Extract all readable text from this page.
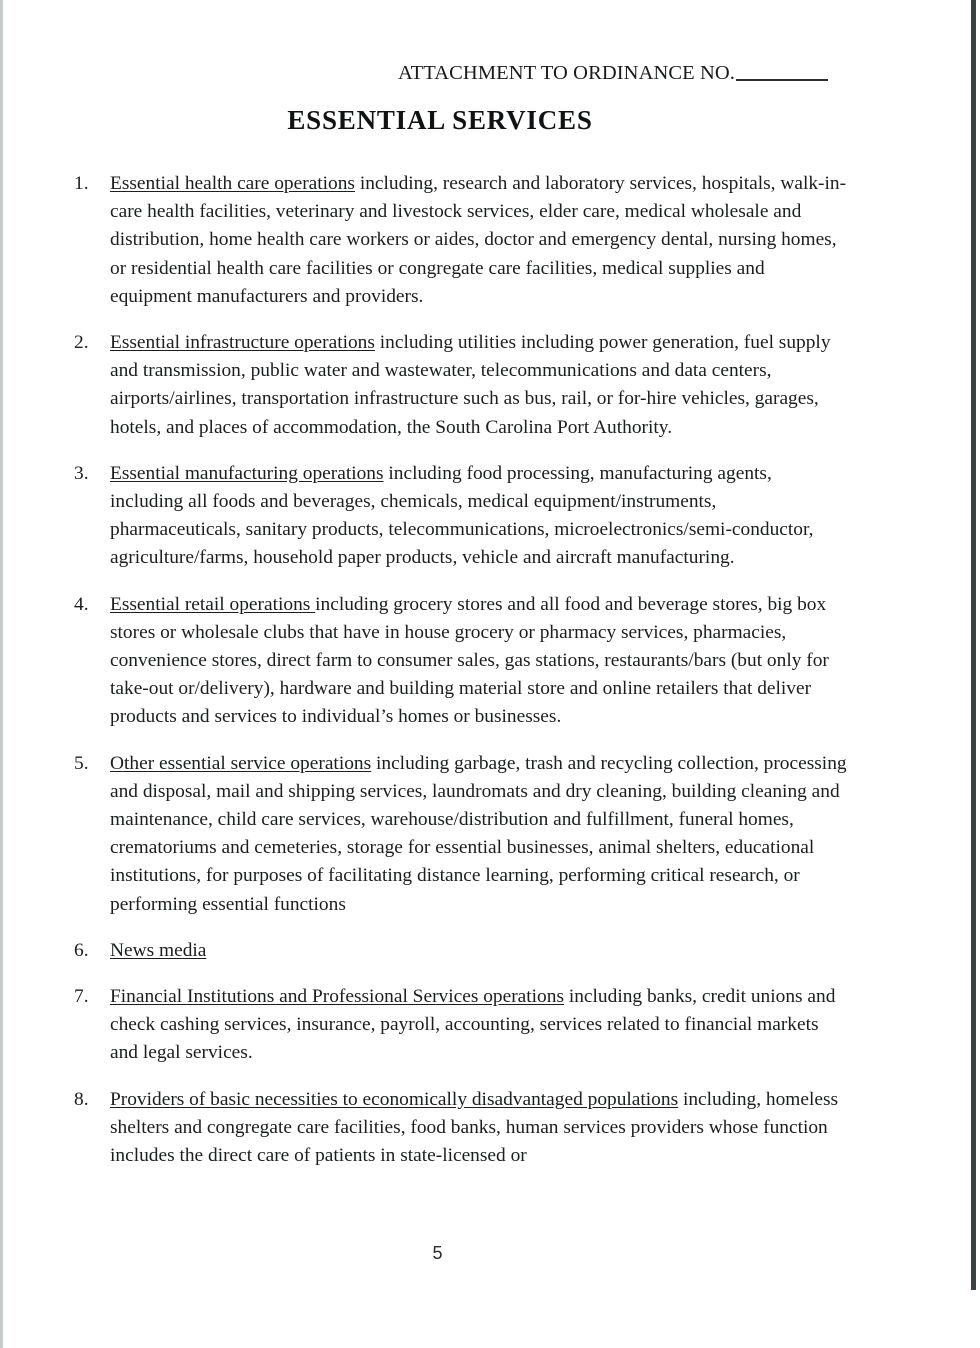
ATTACHMENT TO ORDINANCE NO.
ESSENTIAL SERVICES
1.	Essential health care operations including, research and laboratory services, hospitals, walk-in-care health facilities, veterinary and livestock services, elder care, medical wholesale and distribution, home health care workers or aides, doctor and emergency dental, nursing homes, or residential health care facilities or congregate care facilities, medical supplies and equipment manufacturers and providers.
2.	Essential infrastructure operations including utilities including power generation, fuel supply and transmission, public water and wastewater, telecommunications and data centers, airports/airlines, transportation infrastructure such as bus, rail, or for-hire vehicles, garages, hotels, and places of accommodation, the South Carolina Port Authority.
3.	Essential manufacturing operations including food processing, manufacturing agents, including all foods and beverages, chemicals, medical equipment/instruments, pharmaceuticals, sanitary products, telecommunications, microelectronics/semi-conductor, agriculture/farms, household paper products, vehicle and aircraft manufacturing.
4.	Essential retail operations including grocery stores and all food and beverage stores, big box stores or wholesale clubs that have in house grocery or pharmacy services, pharmacies, convenience stores, direct farm to consumer sales, gas stations, restaurants/bars (but only for take-out or/delivery), hardware and building material store and online retailers that deliver products and services to individual’s homes or businesses.
5.	Other essential service operations including garbage, trash and recycling collection, processing and disposal, mail and shipping services, laundromats and dry cleaning, building cleaning and maintenance, child care services, warehouse/distribution and fulfillment, funeral homes, crematoriums and cemeteries, storage for essential businesses, animal shelters, educational institutions, for purposes of facilitating distance learning, performing critical research, or performing essential functions
6.	News media
7.	Financial Institutions and Professional Services operations including banks, credit unions and check cashing services, insurance, payroll, accounting, services related to financial markets and legal services.
8.	Providers of basic necessities to economically disadvantaged populations including, homeless shelters and congregate care facilities, food banks, human services providers whose function includes the direct care of patients in state-licensed or
5
